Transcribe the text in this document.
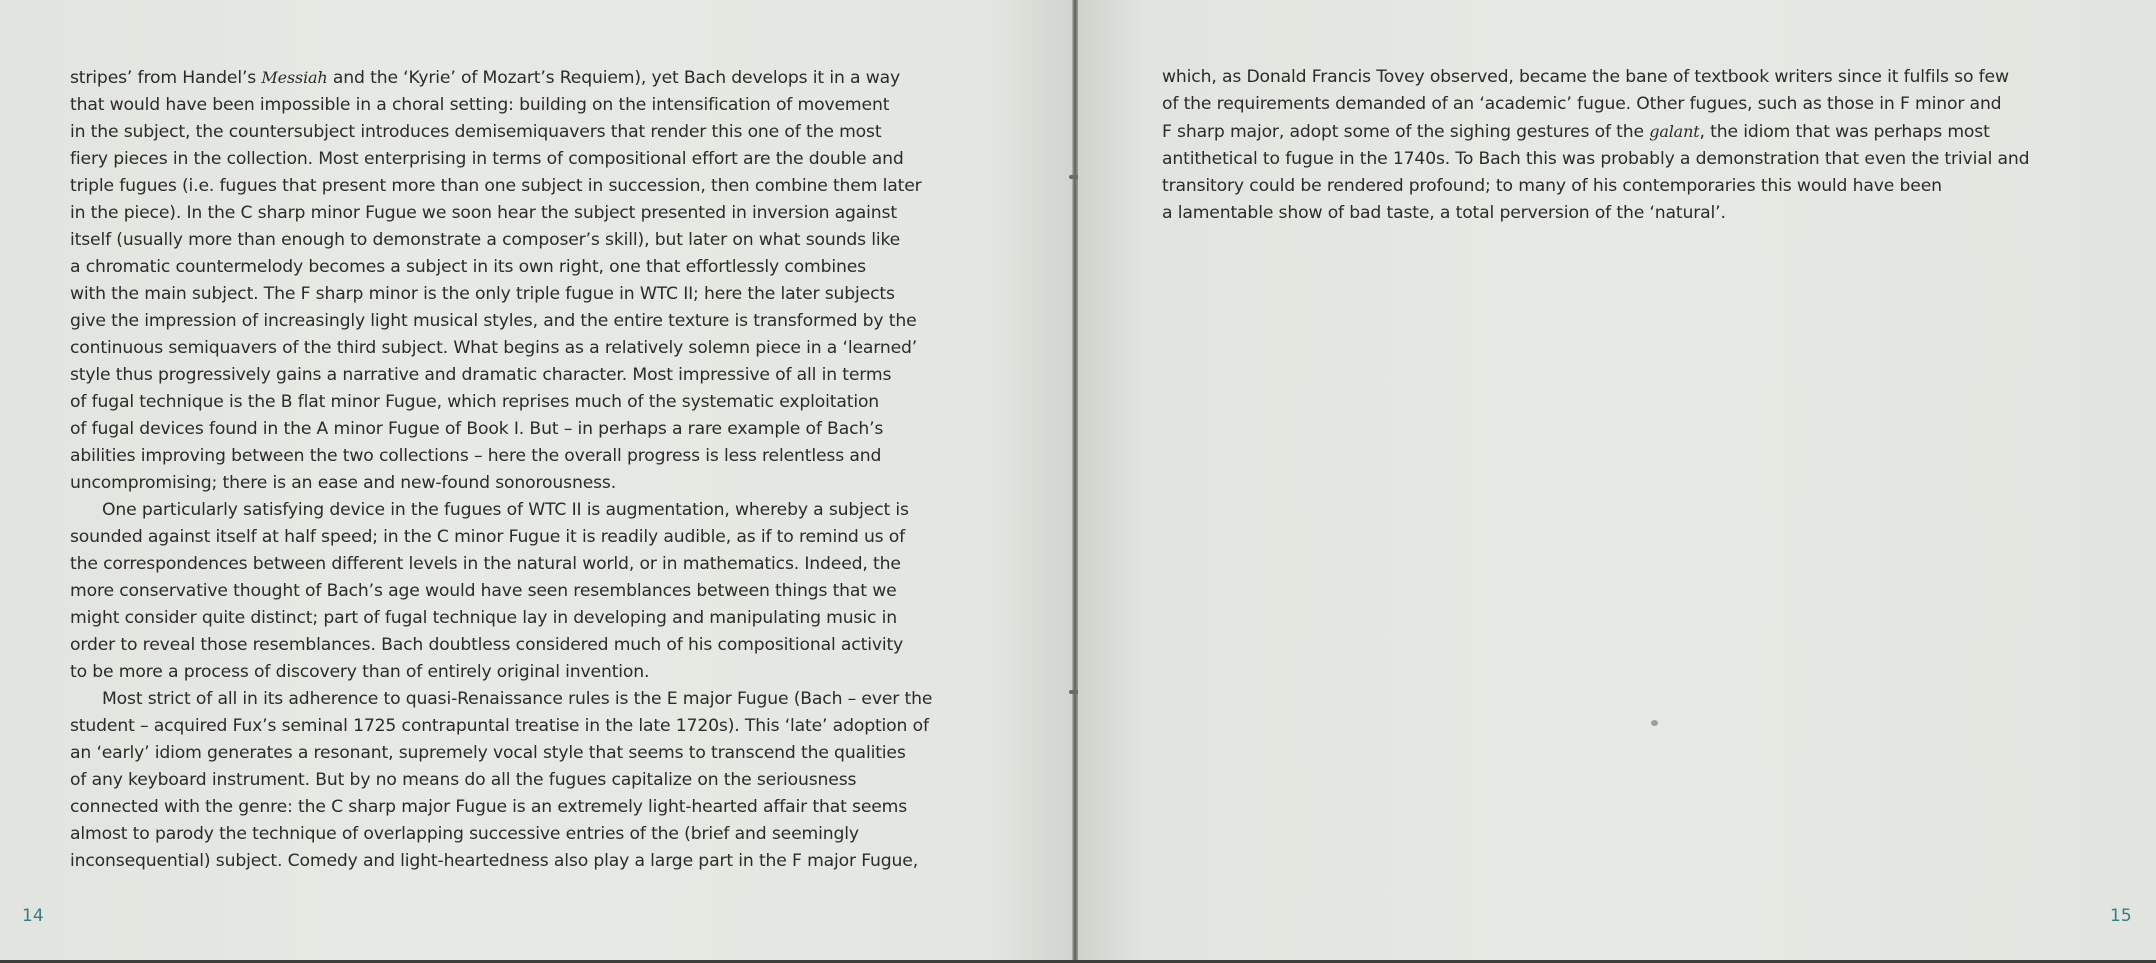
stripes’ from Handel’s Messiah and the ‘Kyrie’ of Mozart’s Requiem), yet Bach develops it in a way
that would have been impossible in a choral setting: building on the intensification of movement
in the subject, the countersubject introduces demisemiquavers that render this one of the most
fiery pieces in the collection. Most enterprising in terms of compositional effort are the double and
triple fugues (i.e. fugues that present more than one subject in succession, then combine them later
in the piece). In the C sharp minor Fugue we soon hear the subject presented in inversion against
itself (usually more than enough to demonstrate a composer’s skill), but later on what sounds like
a chromatic countermelody becomes a subject in its own right, one that effortlessly combines
with the main subject. The F sharp minor is the only triple fugue in WTC II; here the later subjects
give the impression of increasingly light musical styles, and the entire texture is transformed by the
continuous semiquavers of the third subject. What begins as a relatively solemn piece in a ‘learned’
style thus progressively gains a narrative and dramatic character. Most impressive of all in terms
of fugal technique is the B flat minor Fugue, which reprises much of the systematic exploitation
of fugal devices found in the A minor Fugue of Book I. But – in perhaps a rare example of Bach’s
abilities improving between the two collections – here the overall progress is less relentless and
uncompromising; there is an ease and new-found sonorousness.
One particularly satisfying device in the fugues of WTC II is augmentation, whereby a subject is
sounded against itself at half speed; in the C minor Fugue it is readily audible, as if to remind us of
the correspondences between different levels in the natural world, or in mathematics. Indeed, the
more conservative thought of Bach’s age would have seen resemblances between things that we
might consider quite distinct; part of fugal technique lay in developing and manipulating music in
order to reveal those resemblances. Bach doubtless considered much of his compositional activity
to be more a process of discovery than of entirely original invention.
Most strict of all in its adherence to quasi-Renaissance rules is the E major Fugue (Bach – ever the
student – acquired Fux’s seminal 1725 contrapuntal treatise in the late 1720s). This ‘late’ adoption of
an ‘early’ idiom generates a resonant, supremely vocal style that seems to transcend the qualities
of any keyboard instrument. But by no means do all the fugues capitalize on the seriousness
connected with the genre: the C sharp major Fugue is an extremely light-hearted affair that seems
almost to parody the technique of overlapping successive entries of the (brief and seemingly
inconsequential) subject. Comedy and light-heartedness also play a large part in the F major Fugue,
14
which, as Donald Francis Tovey observed, became the bane of textbook writers since it fulfils so few
of the requirements demanded of an ‘academic’ fugue. Other fugues, such as those in F minor and
F sharp major, adopt some of the sighing gestures of the galant, the idiom that was perhaps most
antithetical to fugue in the 1740s. To Bach this was probably a demonstration that even the trivial and
transitory could be rendered profound; to many of his contemporaries this would have been
a lamentable show of bad taste, a total perversion of the ‘natural’.
15
